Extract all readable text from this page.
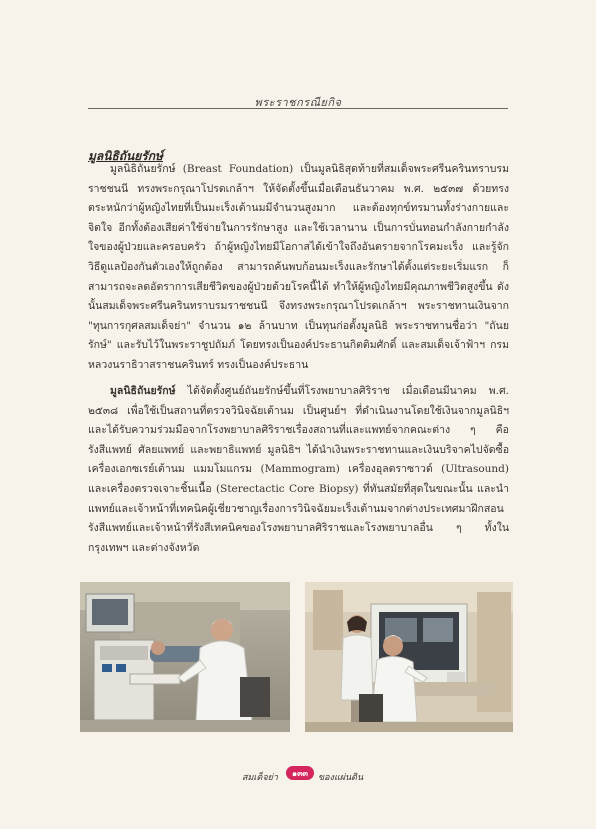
พระราชกรณียกิจ
มูลนิธิถันยรักษ์

มูลนิธิถันยรักษ์ (Breast Foundation) เป็นมูลนิธิสุดท้ายที่สมเด็จพระศรีนครินทราบรมราชชนนี ทรงพระกรุณาโปรดเกล้าฯ ให้จัดตั้งขึ้นเมื่อเดือนธันวาคม พ.ศ. ๒๕๓๗ ด้วยทรงตระหนักว่าผู้หญิงไทยที่เป็นมะเร็งเต้านมมีจำนวนสูงมาก และต้องทุกข์ทรมานทั้งร่างกายและจิตใจ อีกทั้งต้องเสียค่าใช้จ่ายในการรักษาสูง และใช้เวลานาน เป็นการบั่นทอนกำลังกายกำลังใจของผู้ป่วยและครอบครัว ถ้าผู้หญิงไทยมีโอกาสได้เข้าใจถึงอันตรายจากโรคมะเร็ง และรู้จักวิธีดูแลป้องกันตัวเองให้ถูกต้อง สามารถค้นพบก้อนมะเร็งและรักษาได้ตั้งแต่ระยะเริ่มแรก ก็สามารถจะลดอัตราการเสียชีวิตของผู้ป่วยด้วยโรคนี้ได้ ทำให้ผู้หญิงไทยมีคุณภาพชีวิตสูงขึ้น ดังนั้นสมเด็จพระศรีนครินทราบรมราชชนนี จึงทรงพระกรุณาโปรดเกล้าฯ พระราชทานเงินจาก "ทุนการกุศลสมเด็จย่า" จำนวน ๑๒ ล้านบาท เป็นทุนก่อตั้งมูลนิธิ พระราชทานชื่อว่า "ถันยรักษ์" และรับไว้ในพระราชูปถัมภ์ โดยทรงเป็นองค์ประธานกิตติมศักดิ์ และสมเด็จเจ้าฟ้าฯ กรมหลวงนราธิวาสราชนครินทร์ ทรงเป็นองค์ประธาน

มูลนิธิถันยรักษ์ ได้จัดตั้งศูนย์ถันยรักษ์ขึ้นที่โรงพยาบาลศิริราช เมื่อเดือนมีนาคม พ.ศ. ๒๕๓๘ เพื่อใช้เป็นสถานที่ตรวจวินิจฉัยเต้านม เป็นศูนย์ฯ ที่ดำเนินงานโดยใช้เงินจากมูลนิธิฯ และได้รับความร่วมมือจากโรงพยาบาลศิริราชเรื่องสถานที่และแพทย์จากคณะต่าง ๆ คือ รังสีแพทย์ ศัลยแพทย์ และพยาธิแพทย์ มูลนิธิฯ ได้นำเงินพระราชทานและเงินบริจาคไปจัดซื้อเครื่องเอกซเรย์เต้านม แมมโมแกรม (Mammogram) เครื่องอุลตราซาวด์ (Ultrasound) และเครื่องตรวจเจาะชิ้นเนื้อ (Sterectactic Core Biopsy) ที่ทันสมัยที่สุดในขณะนั้น และนำแพทย์และเจ้าหน้าที่เทคนิคผู้เชี่ยวชาญเรื่องการวินิจฉัยมะเร็งเต้านมจากต่างประเทศมาฝึกสอนรังสีแพทย์และเจ้าหน้าที่รังสีเทคนิคของโรงพยาบาลศิริราชและโรงพยาบาลอื่น ๆ ทั้งในกรุงเทพฯ และต่างจังหวัด

สมเด็จย่า	๑๓๓	ของแผ่นดิน
